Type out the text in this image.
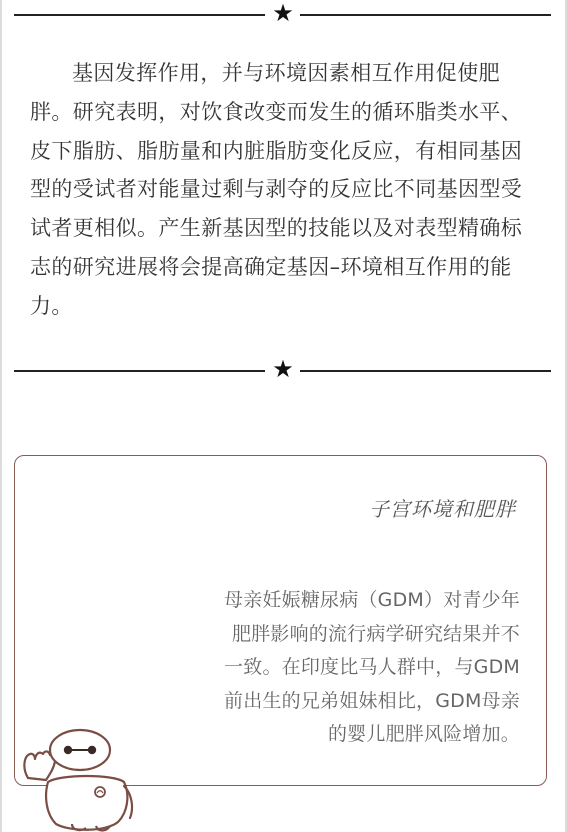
★

基因发挥作用，并与环境因素相互作用促使肥胖。研究表明，对饮食改变而发生的循环脂类水平、皮下脂肪、脂肪量和内脏脂肪变化反应，有相同基因型的受试者对能量过剩与剥夺的反应比不同基因型受试者更相似。产生新基因型的技能以及对表型精确标志的研究进展将会提高确定基因–环境相互作用的能力。

★
子宫环境和肥胖

母亲妊娠糖尿病（GDM）对青少年
肥胖影响的流行病学研究结果并不
一致。在印度比马人群中，与GDM
前出生的兄弟姐妹相比，GDM母亲
的婴儿肥胖风险增加。
